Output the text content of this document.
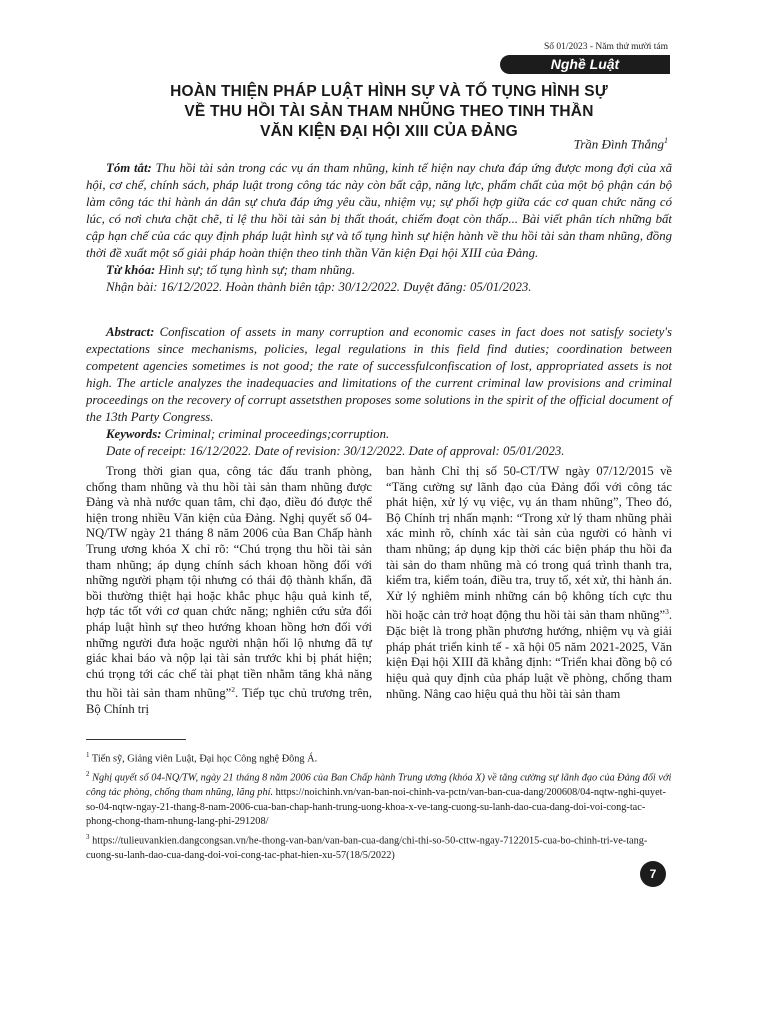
Số 01/2023 - Năm thứ mười tám
Nghề Luật
HOÀN THIỆN PHÁP LUẬT HÌNH SỰ VÀ TỐ TỤNG HÌNH SỰ
VỀ THU HỒI TÀI SẢN THAM NHŨNG THEO TINH THẦN
VĂN KIỆN ĐẠI HỘI XIII CỦA ĐẢNG
Trần Đình Thắng$^1$

Tóm tắt: Thu hồi tài sản trong các vụ án tham nhũng, kinh tế hiện nay chưa đáp ứng được mong đợi của xã hội, cơ chế, chính sách, pháp luật trong công tác này còn bất cập, năng lực, phẩm chất của một bộ phận cán bộ làm công tác thi hành án dân sự chưa đáp ứng yêu cầu, nhiệm vụ; sự phối hợp giữa các cơ quan chức năng có lúc, có nơi chưa chặt chẽ, tỉ lệ thu hồi tài sản bị thất thoát, chiếm đoạt còn thấp... Bài viết phân tích những bất cập hạn chế của các quy định pháp luật hình sự và tố tụng hình sự hiện hành về thu hồi tài sản tham nhũng, đồng thời đề xuất một số giải pháp hoàn thiện theo tinh thần Văn kiện Đại hội XIII của Đảng.

Từ khóa: Hình sự; tố tụng hình sự; tham nhũng.

Nhận bài: 16/12/2022. Hoàn thành biên tập: 30/12/2022. Duyệt đăng: 05/01/2023.

Abstract: Confiscation of assets in many corruption and economic cases in fact does not satisfy society's expectations since mechanisms, policies, legal regulations in this field find duties; coordination between competent agencies sometimes is not good; the rate of successfulconfiscation of lost, appropriated assets is not high. The article analyzes the inadequacies and limitations of the current criminal law provisions and criminal proceedings on the recovery of corrupt assetsthen proposes some solutions in the spirit of the official document of the 13th Party Congress.

Keywords: Criminal; criminal proceedings;corruption.

Date of receipt: 16/12/2022. Date of revision: 30/12/2022. Date of approval: 05/01/2023.

Trong thời gian qua, công tác đấu tranh phòng, chống tham nhũng và thu hồi tài sản tham nhũng được Đảng và nhà nước quan tâm, chỉ đạo, điều đó được thể hiện trong nhiều Văn kiện của Đảng. Nghị quyết số 04-NQ/TW ngày 21 tháng 8 năm 2006 của Ban Chấp hành Trung ương khóa X chỉ rõ: “Chú trọng thu hồi tài sản tham nhũng; áp dụng chính sách khoan hồng đối với những người phạm tội nhưng có thái độ thành khẩn, đã bồi thường thiệt hại hoặc khắc phục hậu quả kinh tế, hợp tác tốt với cơ quan chức năng; nghiên cứu sửa đổi pháp luật hình sự theo hướng khoan hồng hơn đối với những người đưa hoặc người nhận hối lộ nhưng đã tự giác khai báo và nộp lại tài sản trước khi bị phát hiện; chú trọng tới các chế tài phạt tiền nhằm tăng khả năng thu hồi tài sản tham nhũng”$^2$. Tiếp tục chủ trương trên, Bộ Chính trị

ban hành Chỉ thị số 50-CT/TW ngày 07/12/2015 về “Tăng cường sự lãnh đạo của Đảng đối với công tác phát hiện, xử lý vụ việc, vụ án tham nhũng”, Theo đó, Bộ Chính trị nhấn mạnh: “Trong xử lý tham nhũng phải xác minh rõ, chính xác tài sản của người có hành vi tham nhũng; áp dụng kịp thời các biện pháp thu hồi đa tài sản do tham nhũng mà có trong quá trình thanh tra, kiểm tra, kiểm toán, điều tra, truy tố, xét xử, thi hành án. Xử lý nghiêm minh những cán bộ không tích cực thu hồi hoặc cản trở hoạt động thu hồi tài sản tham nhũng”$^3$. Đặc biệt là trong phần phương hướng, nhiệm vụ và giải pháp phát triển kinh tế - xã hội 05 năm 2021-2025, Văn kiện Đại hội XIII đã khẳng định: “Triển khai đồng bộ có hiệu quả quy định của pháp luật về phòng, chống tham nhũng. Nâng cao hiệu quả thu hồi tài sản tham

$^1$ Tiến sỹ, Giảng viên Luật, Đại học Công nghệ Đông Á.

$^2$ Nghị quyết số 04-NQ/TW, ngày 21 tháng 8 năm 2006 của Ban Chấp hành Trung ương (khóa X) về tăng cường sự lãnh đạo của Đảng đối với công tác phòng, chống tham nhũng, lãng phí. https://noichinh.vn/van-ban-noi-chinh-va-pctn/van-ban-cua-dang/200608/04-nqtw-nghi-quyet-so-04-nqtw-ngay-21-thang-8-nam-2006-cua-ban-chap-hanh-trung-uong-khoa-x-ve-tang-cuong-su-lanh-dao-cua-dang-doi-voi-cong-tac-phong-chong-tham-nhung-lang-phi-291208/

$^3$ https://tulieuvankien.dangcongsan.vn/he-thong-van-ban/van-ban-cua-dang/chi-thi-so-50-cttw-ngay-7122015-cua-bo-chinh-tri-ve-tang-cuong-su-lanh-dao-cua-dang-doi-voi-cong-tac-phat-hien-xu-57(18/5/2022)

7
